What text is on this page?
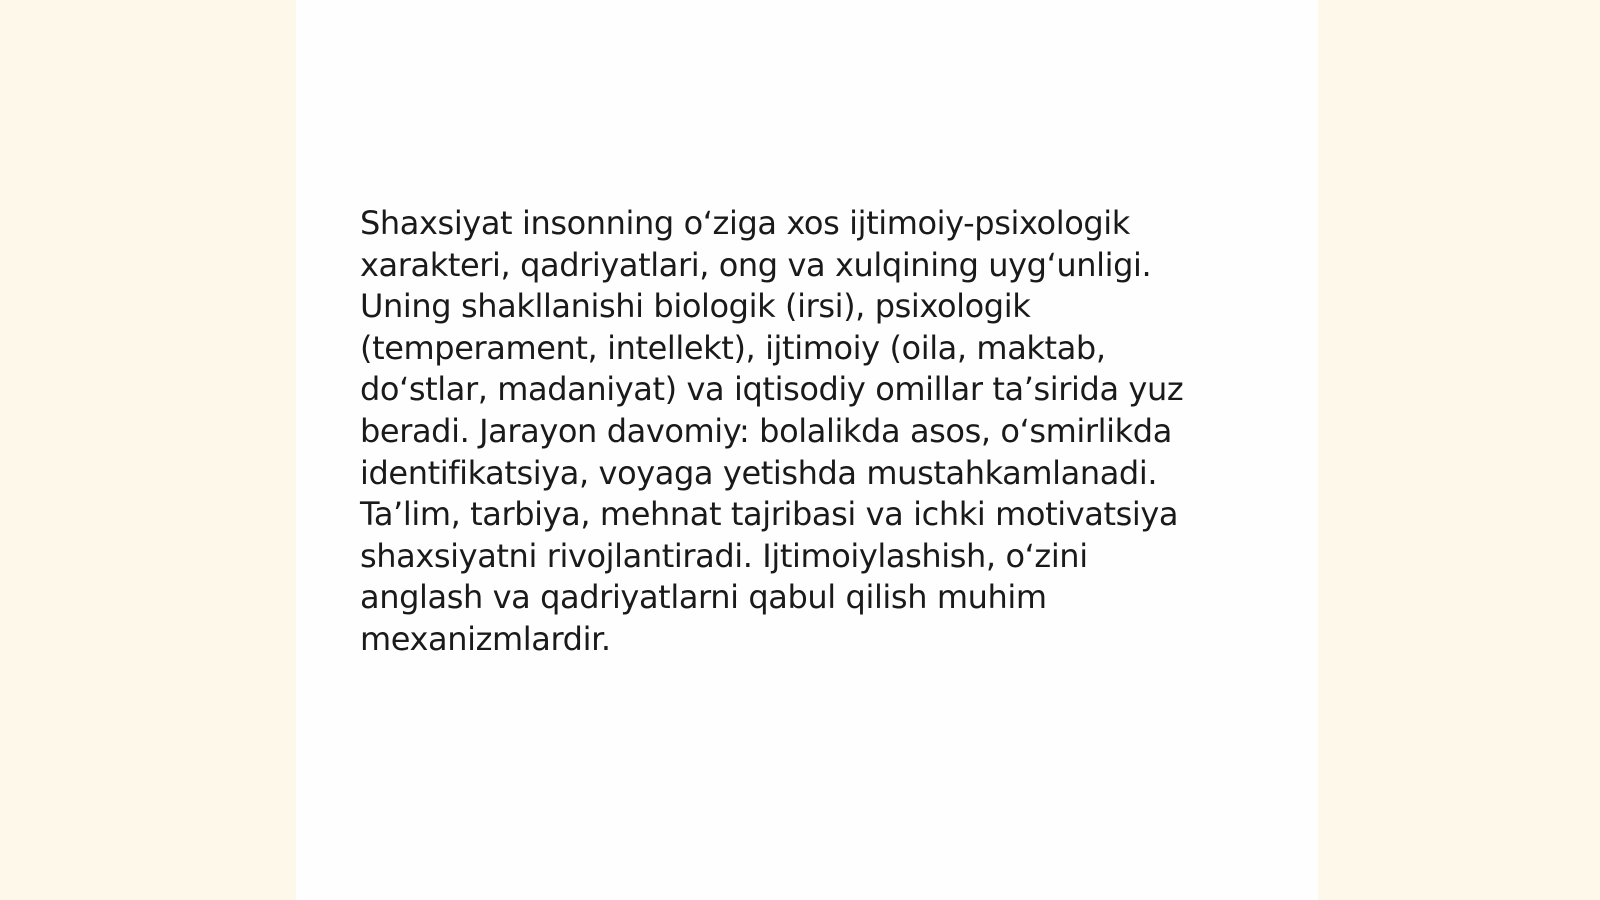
Shaxsiyat insonning o‘ziga xos ijtimoiy-psixologik
xarakteri, qadriyatlari, ong va xulqining uyg‘unligi.
Uning shakllanishi biologik (irsi), psixologik
(temperament, intellekt), ijtimoiy (oila, maktab,
do‘stlar, madaniyat) va iqtisodiy omillar ta’sirida yuz
beradi. Jarayon davomiy: bolalikda asos, o‘smirlikda
identifikatsiya, voyaga yetishda mustahkamlanadi.
Ta’lim, tarbiya, mehnat tajribasi va ichki motivatsiya
shaxsiyatni rivojlantiradi. Ijtimoiylashish, o‘zini
anglash va qadriyatlarni qabul qilish muhim
mexanizmlardir.
